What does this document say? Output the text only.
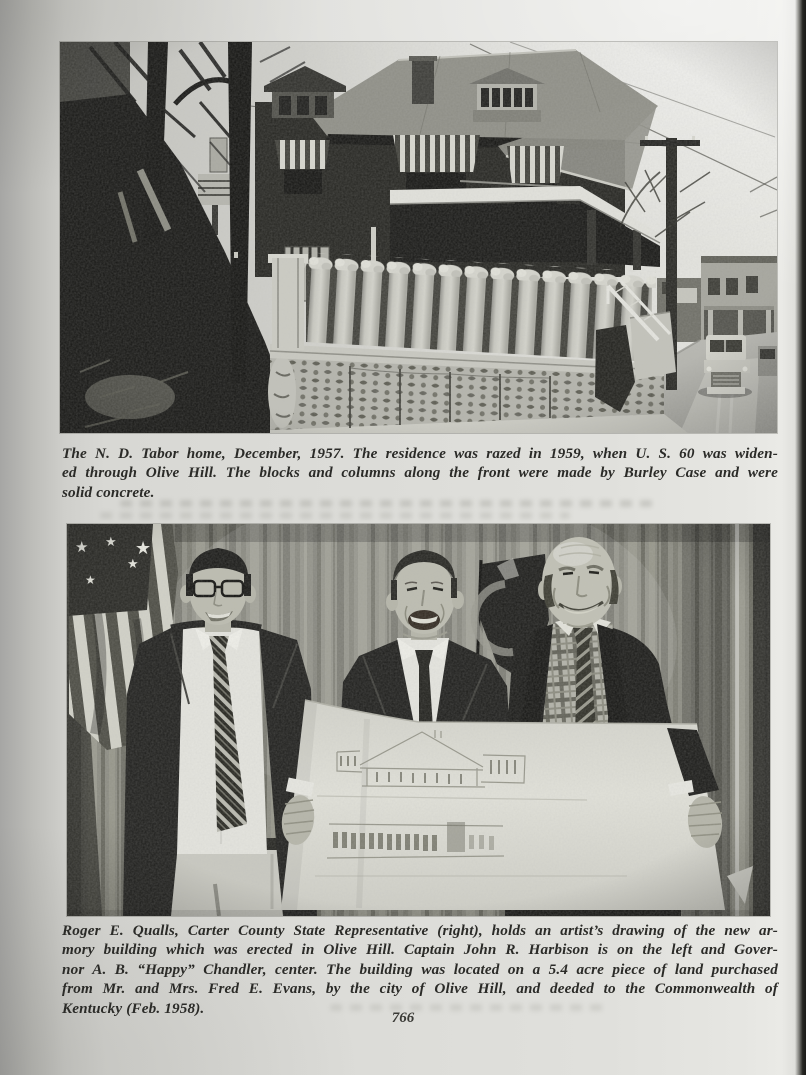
The N. D. Tabor home, December, 1957. The residence was razed in 1959, when U. S. 60 was widen-
ed through Olive Hill. The blocks and columns along the front were made by Burley Case and were
solid concrete.
Roger E. Qualls, Carter County State Representative (right), holds an artist’s drawing of the new ar-
mory building which was erected in Olive Hill. Captain John R. Harbison is on the left and Gover-
nor A. B. “Happy” Chandler, center. The building was located on a 5.4 acre piece of land purchased
from Mr. and Mrs. Fred E. Evans, by the city of Olive Hill, and deeded to the Commonwealth of
Kentucky (Feb. 1958).
766
